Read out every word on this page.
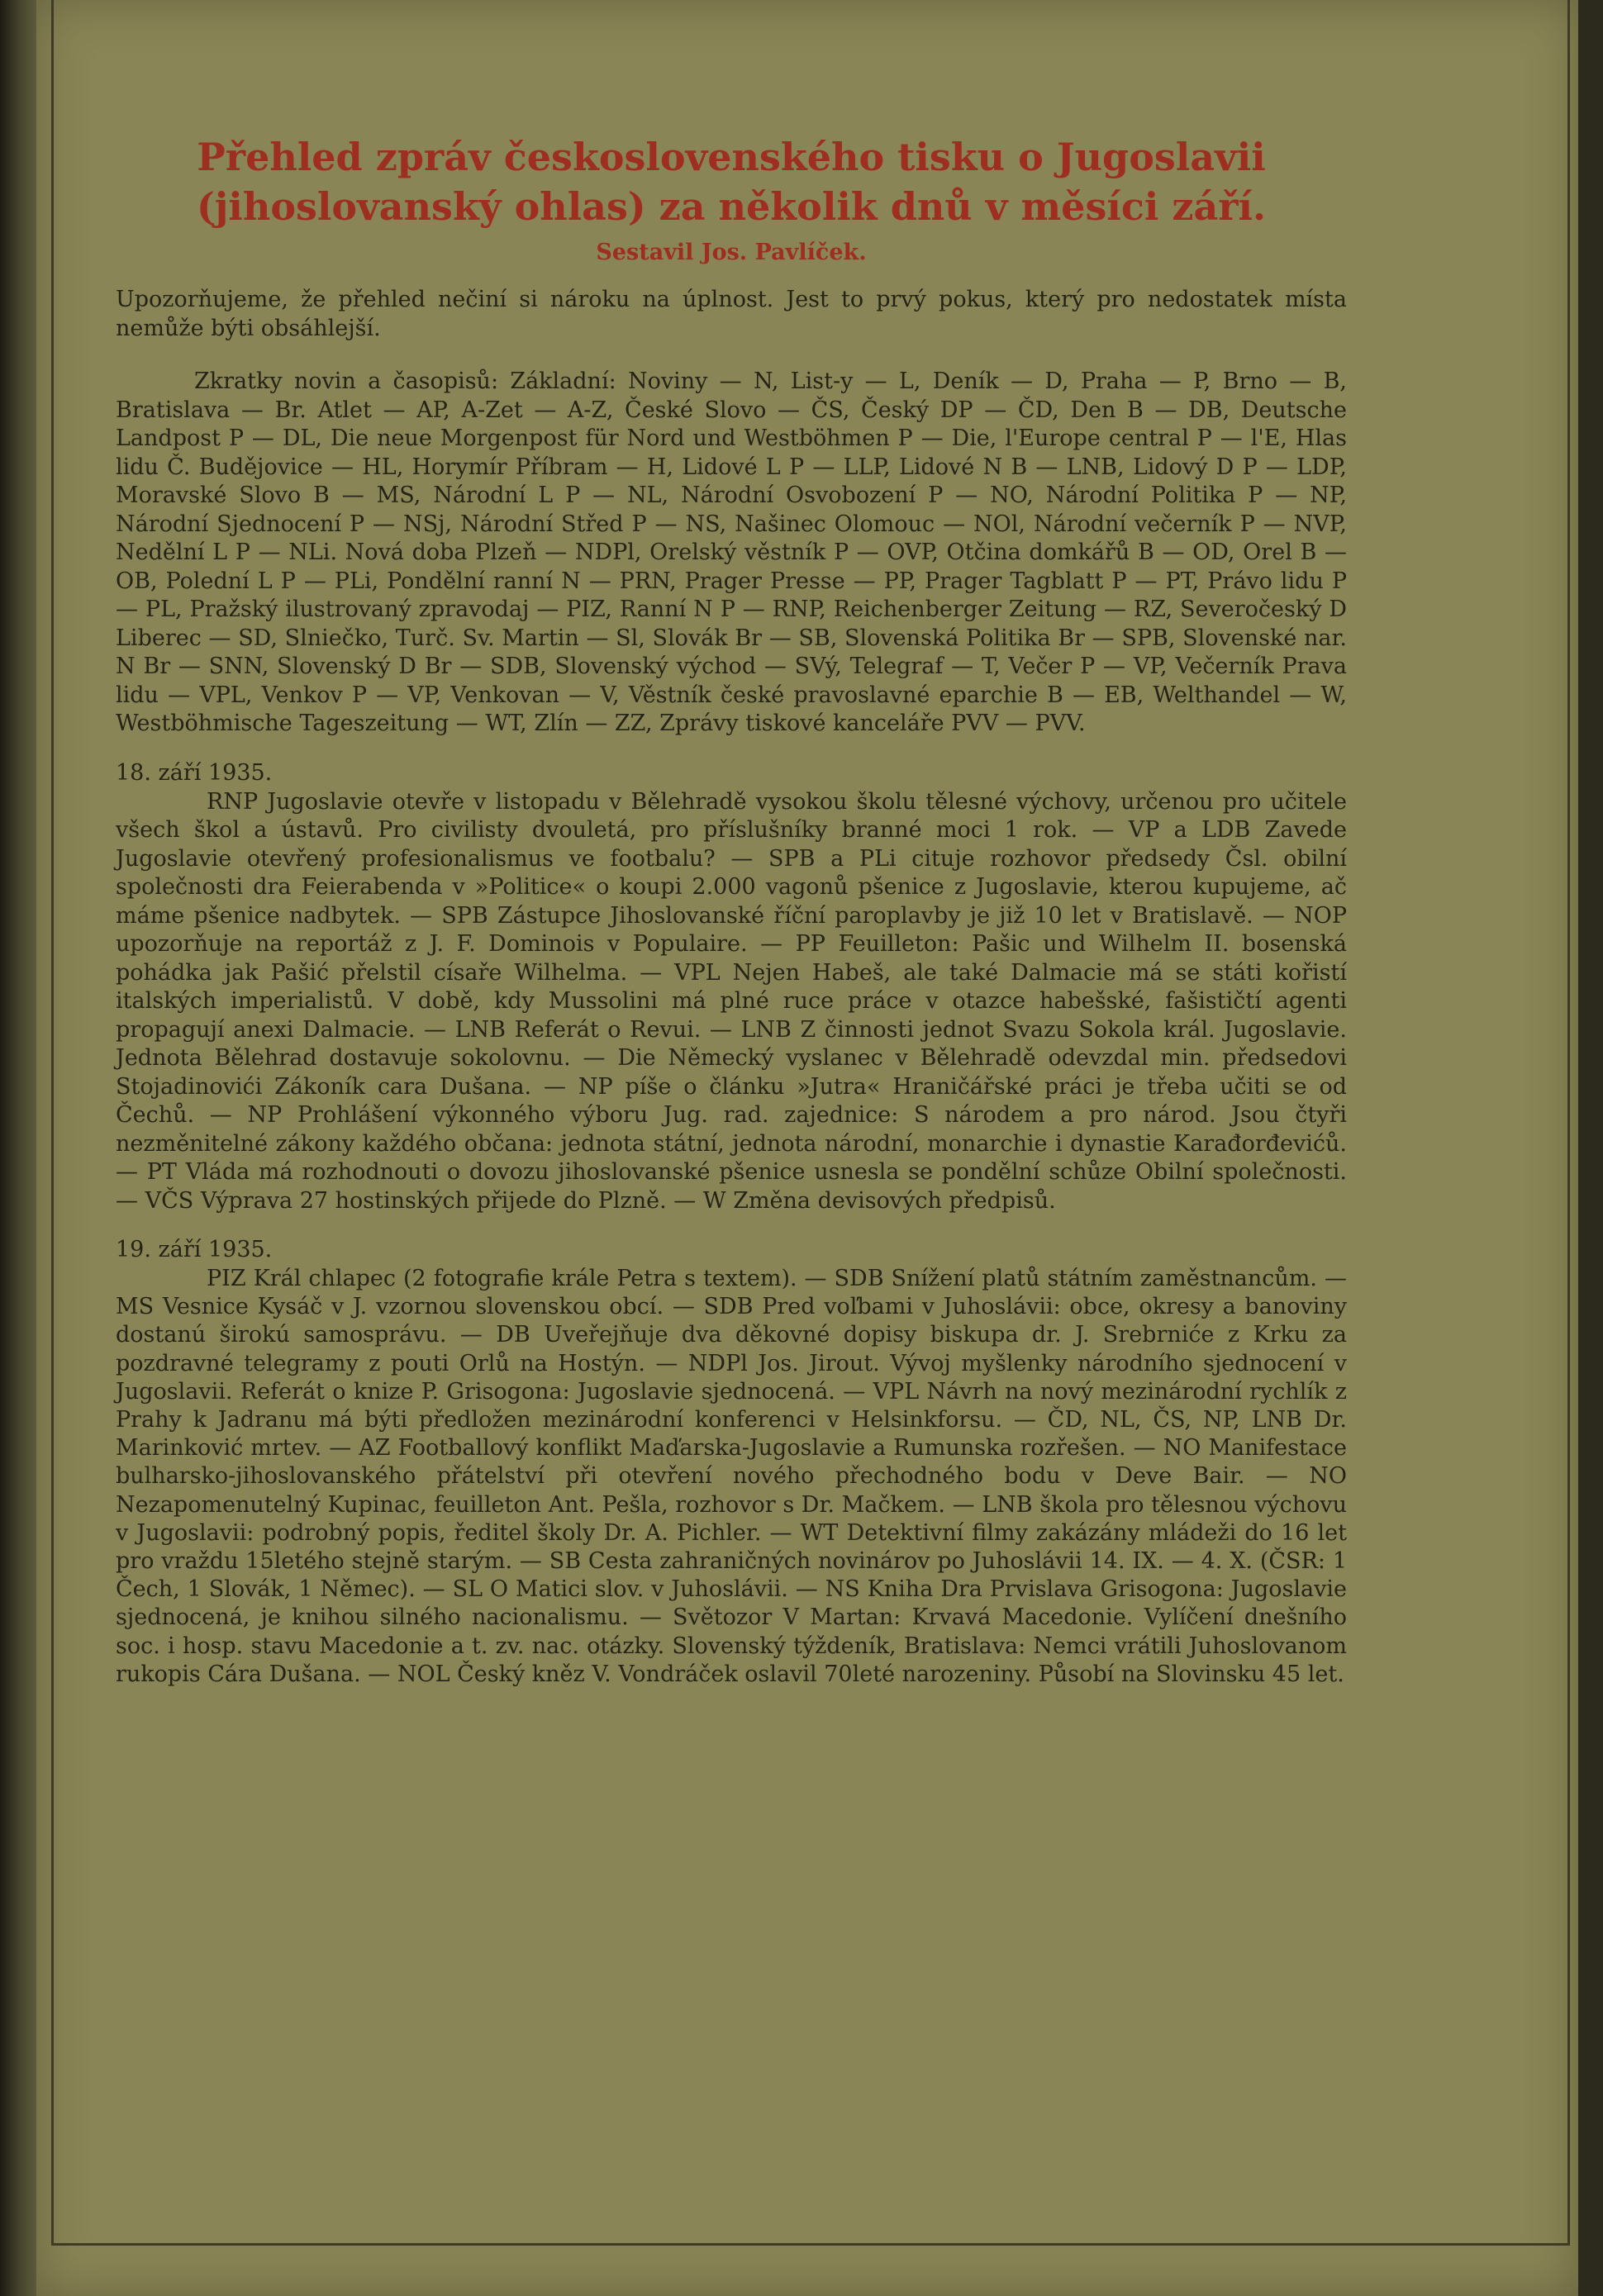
Přehled zpráv československého tisku o Jugoslavii
(jihoslovanský ohlas) za několik dnů v měsíci září.
Sestavil Jos. Pavlíček.

Upozorňujeme, že přehled nečiní si nároku na úplnost. Jest to prvý pokus, který pro nedostatek místa nemůže býti obsáhlejší.

Zkratky novin a časopisů: Základní: Noviny — N, List-y — L, Deník — D, Praha — P, Brno — B, Bratislava — Br. Atlet — AP, A-Zet — A-Z, České Slovo — ČS, Český DP — ČD, Den B — DB, Deutsche Landpost P — DL, Die neue Morgenpost für Nord und Westböhmen P — Die, l'Europe central P — l'E, Hlas lidu Č. Budějovice — HL, Horymír Příbram — H, Lidové L P — LLP, Lidové N B — LNB, Lidový D P — LDP, Moravské Slovo B — MS, Národní L P — NL, Národní Osvobození P — NO, Národní Politika P — NP, Národní Sjednocení P — NSj, Národní Střed P — NS, Našinec Olomouc — NOl, Národní večerník P — NVP, Nedělní L P — NLi. Nová doba Plzeň — NDPl, Orelský věstník P — OVP, Otčina domkářů B — OD, Orel B — OB, Polední L P — PLi, Pondělní ranní N — PRN, Prager Presse — PP, Prager Tagblatt P — PT, Právo lidu P — PL, Pražský ilustrovaný zpravodaj — PIZ, Ranní N P — RNP, Reichenberger Zeitung — RZ, Severočeský D Liberec — SD, Slniečko, Turč. Sv. Martin — Sl, Slovák Br — SB, Slovenská Politika Br — SPB, Slovenské nar. N Br — SNN, Slovenský D Br — SDB, Slovenský východ — SVý, Telegraf — T, Večer P — VP, Večerník Prava lidu — VPL, Venkov P — VP, Venkovan — V, Věstník české pravoslavné eparchie B — EB, Welthandel — W, Westböhmische Tageszeitung — WT, Zlín — ZZ, Zprávy tiskové kanceláře PVV — PVV.

18. září 1935.

RNP Jugoslavie otevře v listopadu v Bělehradě vysokou školu tělesné výchovy, určenou pro učitele všech škol a ústavů. Pro civilisty dvouletá, pro příslušníky branné moci 1 rok. — VP a LDB Zavede Jugoslavie otevřený profesionalismus ve footbalu? — SPB a PLi cituje rozhovor předsedy Čsl. obilní společnosti dra Feierabenda v »Politice« o koupi 2.000 vagonů pšenice z Jugoslavie, kterou kupujeme, ač máme pšenice nadbytek. — SPB Zástupce Jihoslovanské říční paroplavby je již 10 let v Bratislavě. — NOP upozorňuje na reportáž z J. F. Dominois v Populaire. — PP Feuilleton: Pašic und Wilhelm II. bosenská pohádka jak Pašić přelstil císaře Wilhelma. — VPL Nejen Habeš, ale také Dalmacie má se státi kořistí italských imperialistů. V době, kdy Mussolini má plné ruce práce v otazce habešské, fašističtí agenti propagují anexi Dalmacie. — LNB Referát o Revui. — LNB Z činnosti jednot Svazu Sokola král. Jugoslavie. Jednota Bělehrad dostavuje sokolovnu. — Die Německý vyslanec v Bělehradě odevzdal min. předsedovi Stojadinovići Zákoník cara Dušana. — NP píše o článku »Jutra« Hraničářské práci je třeba učiti se od Čechů. — NP Prohlášení výkonného výboru Jug. rad. zajednice: S národem a pro národ. Jsou čtyři nezměnitelné zákony každého občana: jednota státní, jednota národní, monarchie i dynastie Karađorđevićů. — PT Vláda má rozhodnouti o dovozu jihoslovanské pšenice usnesla se pondělní schůze Obilní společnosti. — VČS Výprava 27 hostinských přijede do Plzně. — W Změna devisových předpisů.

19. září 1935.

PIZ Král chlapec (2 fotografie krále Petra s textem). — SDB Snížení platů státním zaměstnancům. — MS Vesnice Kysáč v J. vzornou slovenskou obcí. — SDB Pred voľbami v Juhoslávii: obce, okresy a banoviny dostanú širokú samosprávu. — DB Uveřejňuje dva děkovné dopisy biskupa dr. J. Srebrniće z Krku za pozdravné telegramy z pouti Orlů na Hostýn. — NDPl Jos. Jirout. Vývoj myšlenky národního sjednocení v Jugoslavii. Referát o knize P. Grisogona: Jugoslavie sjednocená. — VPL Návrh na nový mezinárodní rychlík z Prahy k Jadranu má býti předložen mezinárodní konferenci v Helsinkforsu. — ČD, NL, ČS, NP, LNB Dr. Marinković mrtev. — AZ Footballový konflikt Maďarska-Jugoslavie a Rumunska rozřešen. — NO Manifestace bulharsko-jihoslovanského přátelství při otevření nového přechodného bodu v Deve Bair. — NO Nezapomenutelný Kupinac, feuilleton Ant. Pešla, rozhovor s Dr. Mačkem. — LNB škola pro tělesnou výchovu v Jugoslavii: podrobný popis, ředitel školy Dr. A. Pichler. — WT Detektivní filmy zakázány mládeži do 16 let pro vraždu 15letého stejně starým. — SB Cesta zahraničných novinárov po Juhoslávii 14. IX. — 4. X. (ČSR: 1 Čech, 1 Slovák, 1 Němec). — SL O Matici slov. v Juhoslávii. — NS Kniha Dra Prvislava Grisogona: Jugoslavie sjednocená, je knihou silného nacionalismu. — Světozor V Martan: Krvavá Macedonie. Vylíčení dnešního soc. i hosp. stavu Macedonie a t. zv. nac. otázky. Slovenský týždeník, Bratislava: Nemci vrátili Juhoslovanom rukopis Cára Dušana. — NOL Český kněz V. Vondráček oslavil 70leté narozeniny. Působí na Slovinsku 45 let.
